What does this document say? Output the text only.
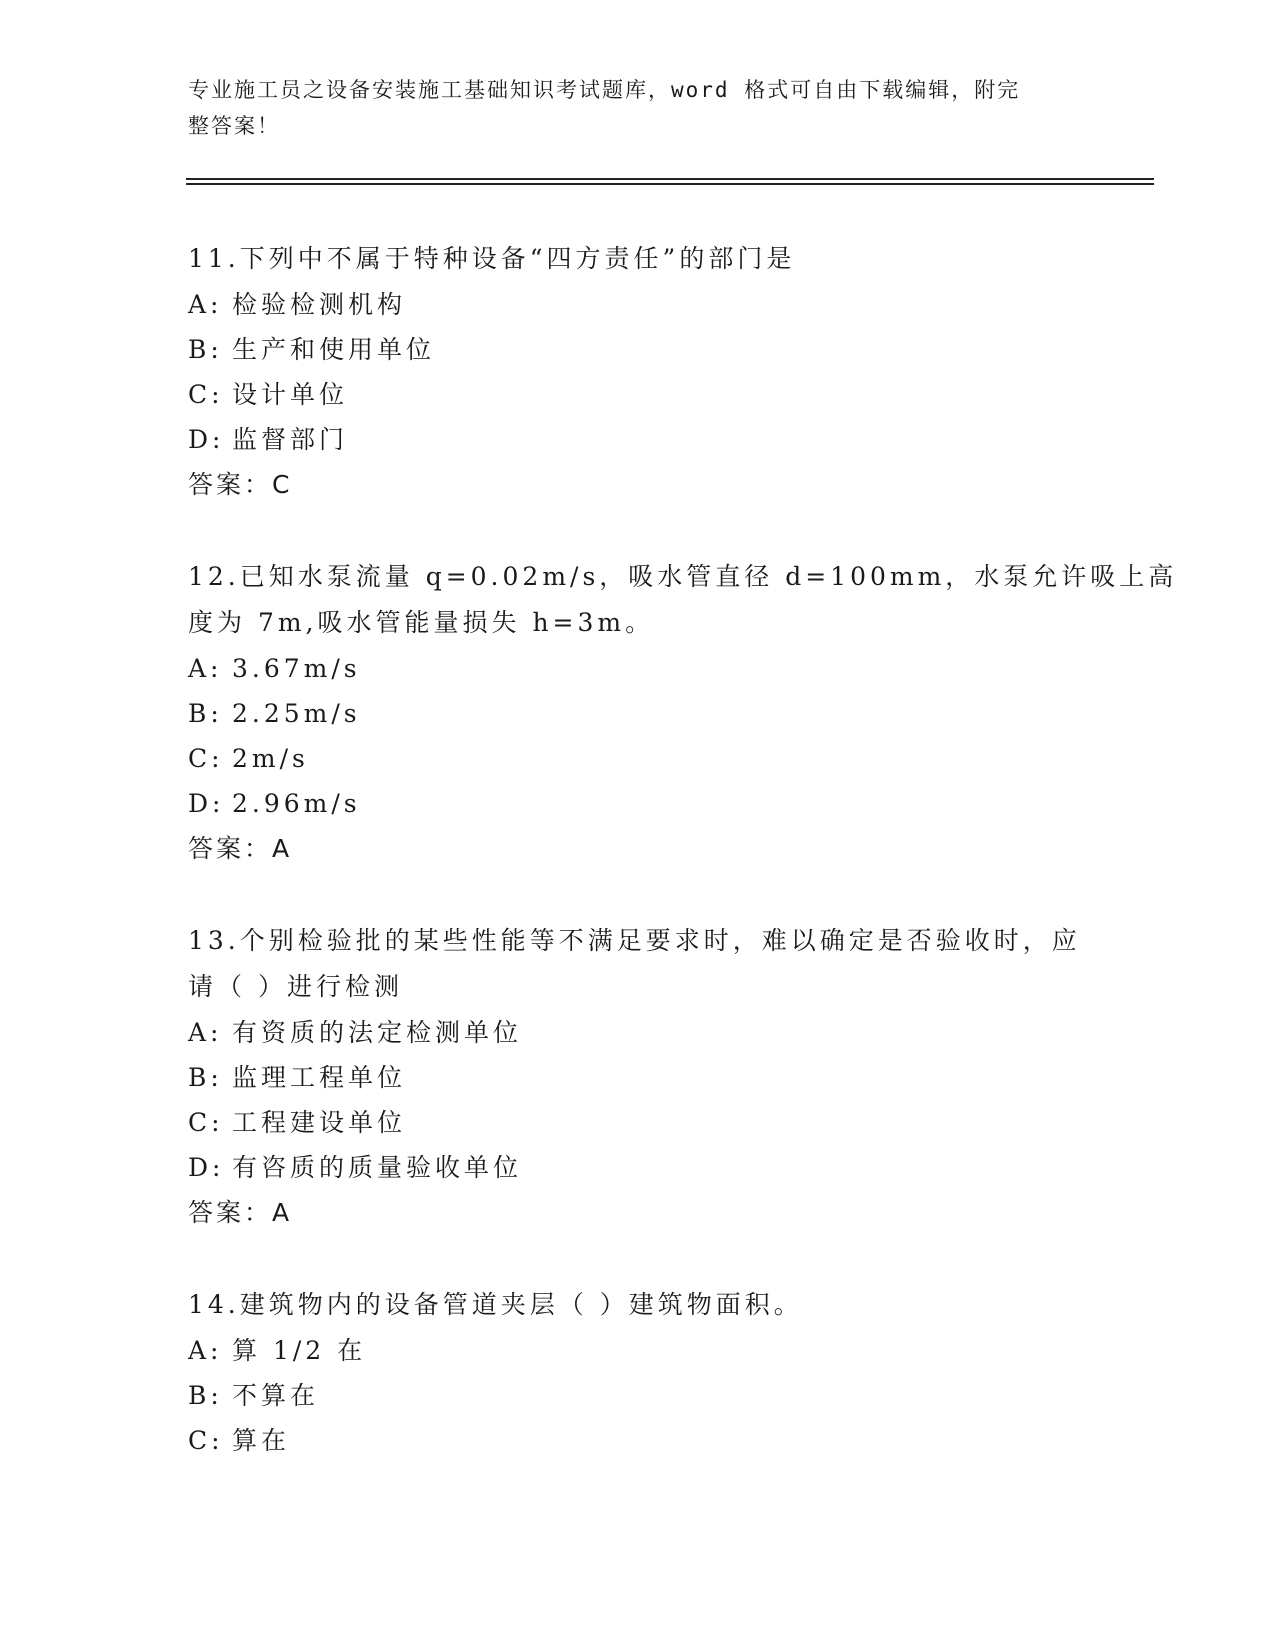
专业施工员之设备安装施工基础知识考试题库，word 格式可自由下载编辑，附完
整答案！
11.下列中不属于特种设备“四方责任”的部门是
A: 检验检测机构
B: 生产和使用单位
C: 设计单位
D: 监督部门
答案：C
12.已知水泵流量 q=0.02m/s，吸水管直径 d=100mm，水泵允许吸上高
度为 7m,吸水管能量损失 h=3m。
A: 3.67m/s
B: 2.25m/s
C: 2m/s
D: 2.96m/s
答案：A
13.个别检验批的某些性能等不满足要求时，难以确定是否验收时，应
请（ ）进行检测
A: 有资质的法定检测单位
B: 监理工程单位
C: 工程建设单位
D: 有咨质的质量验收单位
答案：A
14.建筑物内的设备管道夹层（ ）建筑物面积。
A: 算 1/2 在
B: 不算在
C: 算在
